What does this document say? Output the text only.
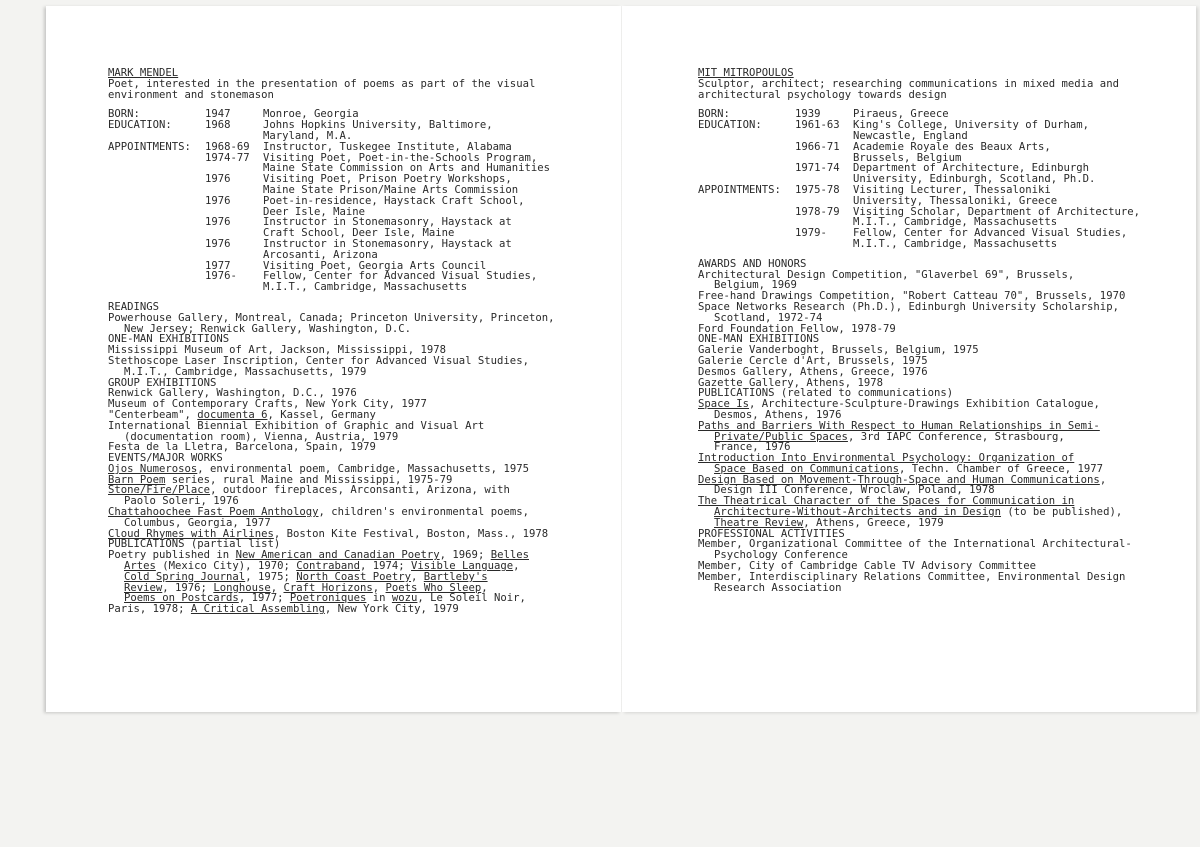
MARK MENDEL
Poet, interested in the presentation of poems as part of the visual
environment and stonemason
BORN:	1947	Monroe, Georgia
EDUCATION:	1968	Johns Hopkins University, Baltimore,
Maryland, M.A.
APPOINTMENTS:	1968-69	Instructor, Tuskegee Institute, Alabama
1974-77	Visiting Poet, Poet-in-the-Schools Program,
Maine State Commission on Arts and Humanities
1976	Visiting Poet, Prison Poetry Workshops,
Maine State Prison/Maine Arts Commission
1976	Poet-in-residence, Haystack Craft School,
Deer Isle, Maine
1976	Instructor in Stonemasonry, Haystack at
Craft School, Deer Isle, Maine
1976	Instructor in Stonemasonry, Haystack at
Arcosanti, Arizona
1977	Visiting Poet, Georgia Arts Council
1976-	Fellow, Center for Advanced Visual Studies,
M.I.T., Cambridge, Massachusetts
READINGS
Powerhouse Gallery, Montreal, Canada; Princeton University, Princeton,
New Jersey; Renwick Gallery, Washington, D.C.
ONE-MAN EXHIBITIONS
Mississippi Museum of Art, Jackson, Mississippi, 1978
Stethoscope Laser Inscription, Center for Advanced Visual Studies,
M.I.T., Cambridge, Massachusetts, 1979
GROUP EXHIBITIONS
Renwick Gallery, Washington, D.C., 1976
Museum of Contemporary Crafts, New York City, 1977
"Centerbeam", documenta 6, Kassel, Germany
International Biennial Exhibition of Graphic and Visual Art
(documentation room), Vienna, Austria, 1979
Festa de la Lletra, Barcelona, Spain, 1979
EVENTS/MAJOR WORKS
Ojos Numerosos, environmental poem, Cambridge, Massachusetts, 1975
Barn Poem series, rural Maine and Mississippi, 1975-79
Stone/Fire/Place, outdoor fireplaces, Arconsanti, Arizona, with
Paolo Soleri, 1976
Chattahoochee Fast Poem Anthology, children's environmental poems,
Columbus, Georgia, 1977
Cloud Rhymes with Airlines, Boston Kite Festival, Boston, Mass., 1978
PUBLICATIONS (partial list)
Poetry published in New American and Canadian Poetry, 1969; Belles
Artes (Mexico City), 1970; Contraband, 1974; Visible Language,
Cold Spring Journal, 1975; North Coast Poetry, Bartleby's
Review, 1976; Longhouse, Craft Horizons, Poets Who Sleep,
Poems on Postcards, 1977; Poetroniques in wozu, Le Soleil Noir,
Paris, 1978; A Critical Assembling, New York City, 1979
MIT MITROPOULOS
Sculptor, architect; researching communications in mixed media and
architectural psychology towards design
BORN:	1939	Piraeus, Greece
EDUCATION:	1961-63	King's College, University of Durham,
Newcastle, England
1966-71	Academie Royale des Beaux Arts,
Brussels, Belgium
1971-74	Department of Architecture, Edinburgh
University, Edinburgh, Scotland, Ph.D.
APPOINTMENTS:	1975-78	Visiting Lecturer, Thessaloniki
University, Thessaloniki, Greece
1978-79	Visiting Scholar, Department of Architecture,
M.I.T., Cambridge, Massachusetts
1979-	Fellow, Center for Advanced Visual Studies,
M.I.T., Cambridge, Massachusetts
AWARDS AND HONORS
Architectural Design Competition, "Glaverbel 69", Brussels,
Belgium, 1969
Free-hand Drawings Competition, "Robert Catteau 70", Brussels, 1970
Space Networks Research (Ph.D.), Edinburgh University Scholarship,
Scotland, 1972-74
Ford Foundation Fellow, 1978-79
ONE-MAN EXHIBITIONS
Galerie Vanderboght, Brussels, Belgium, 1975
Galerie Cercle d'Art, Brussels, 1975
Desmos Gallery, Athens, Greece, 1976
Gazette Gallery, Athens, 1978
PUBLICATIONS (related to communications)
Space Is, Architecture-Sculpture-Drawings Exhibition Catalogue,
Desmos, Athens, 1976
Paths and Barriers With Respect to Human Relationships in Semi-
Private/Public Spaces, 3rd IAPC Conference, Strasbourg,
France, 1976
Introduction Into Environmental Psychology: Organization of
Space Based on Communications, Techn. Chamber of Greece, 1977
Design Based on Movement-Through-Space and Human Communications,
Design III Conference, Wroclaw, Poland, 1978
The Theatrical Character of the Spaces for Communication in
Architecture-Without-Architects and in Design (to be published),
Theatre Review, Athens, Greece, 1979
PROFESSIONAL ACTIVITIES
Member, Organizational Committee of the International Architectural-
Psychology Conference
Member, City of Cambridge Cable TV Advisory Committee
Member, Interdisciplinary Relations Committee, Environmental Design
Research Association
